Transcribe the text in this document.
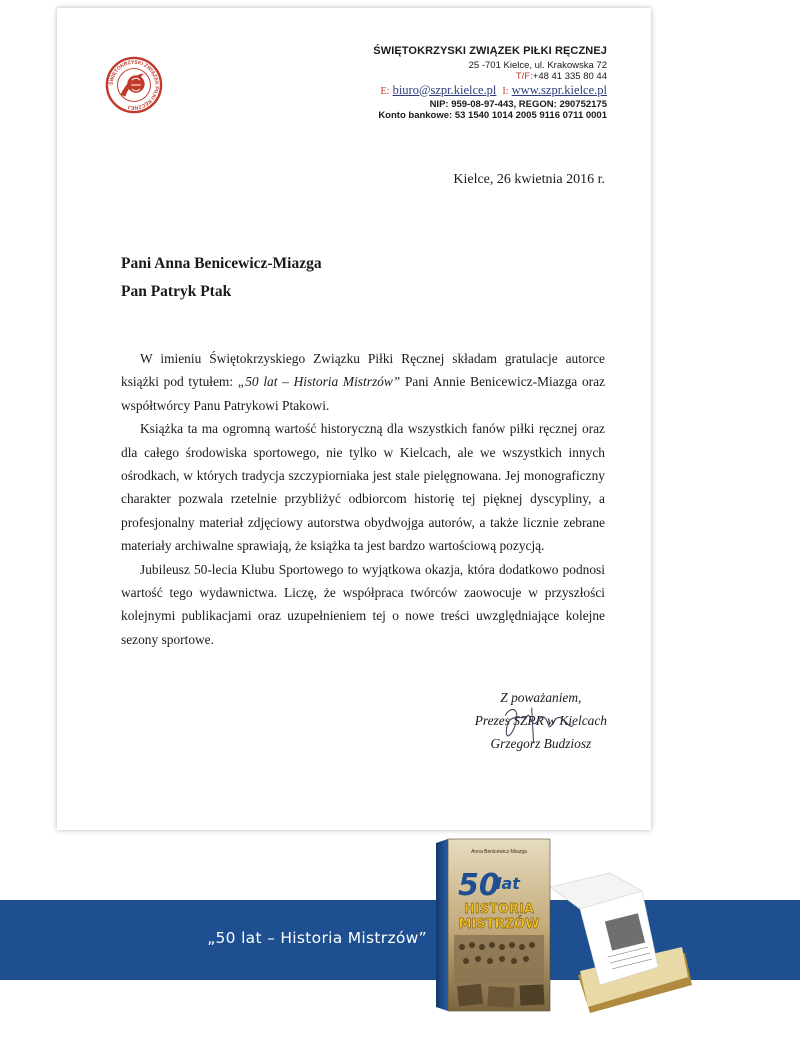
ŚWIĘTOKRZYSKI ZWIĄZEK PIŁKI RĘCZNEJ
ŚWIĘTOKRZYSKI ZWIĄZEK PIŁKI RĘCZNEJ
25 -701 Kielce, ul. Krakowska 72
T/F:+48 41 335 80 44
E: biuro@szpr.kielce.pl I: www.szpr.kielce.pl
NIP: 959-08-97-443, REGON: 290752175
Konto bankowe: 53 1540 1014 2005 9116 0711 0001
Kielce, 26 kwietnia 2016 r.
Pani Anna Benicewicz-Miazga
Pan Patryk Ptak

W imieniu Świętokrzyskiego Związku Piłki Ręcznej składam gratulacje autorce książki pod tytułem: „50 lat – Historia Mistrzów” Pani Annie Benicewicz-Miazga oraz współtwórcy Panu Patrykowi Ptakowi.

Książka ta ma ogromną wartość historyczną dla wszystkich fanów piłki ręcznej oraz dla całego środowiska sportowego, nie tylko w Kielcach, ale we wszystkich innych ośrodkach, w których tradycja szczypiorniaka jest stale pielęgnowana. Jej monograficzny charakter pozwala rzetelnie przybliżyć odbiorcom historię tej pięknej dyscypliny, a profesjonalny materiał zdjęciowy autorstwa obydwojga autorów, a także licznie zebrane materiały archiwalne sprawiają, że książka ta jest bardzo wartościową pozycją.

Jubileusz 50-lecia Klubu Sportowego to wyjątkowa okazja, która dodatkowo podnosi wartość tego wydawnictwa. Liczę, że współpraca twórców zaowocuje w przyszłości kolejnymi publikacjami oraz uzupełnieniem tej o nowe treści uwzględniające kolejne sezony sportowe.

Z poważaniem,
Prezes SZPR w Kielcach
Grzegorz Budziosz
„50 lat – Historia Mistrzów”
Anna Benicewicz-Miazga
50
lat
HISTORIA
MISTRZÓW
